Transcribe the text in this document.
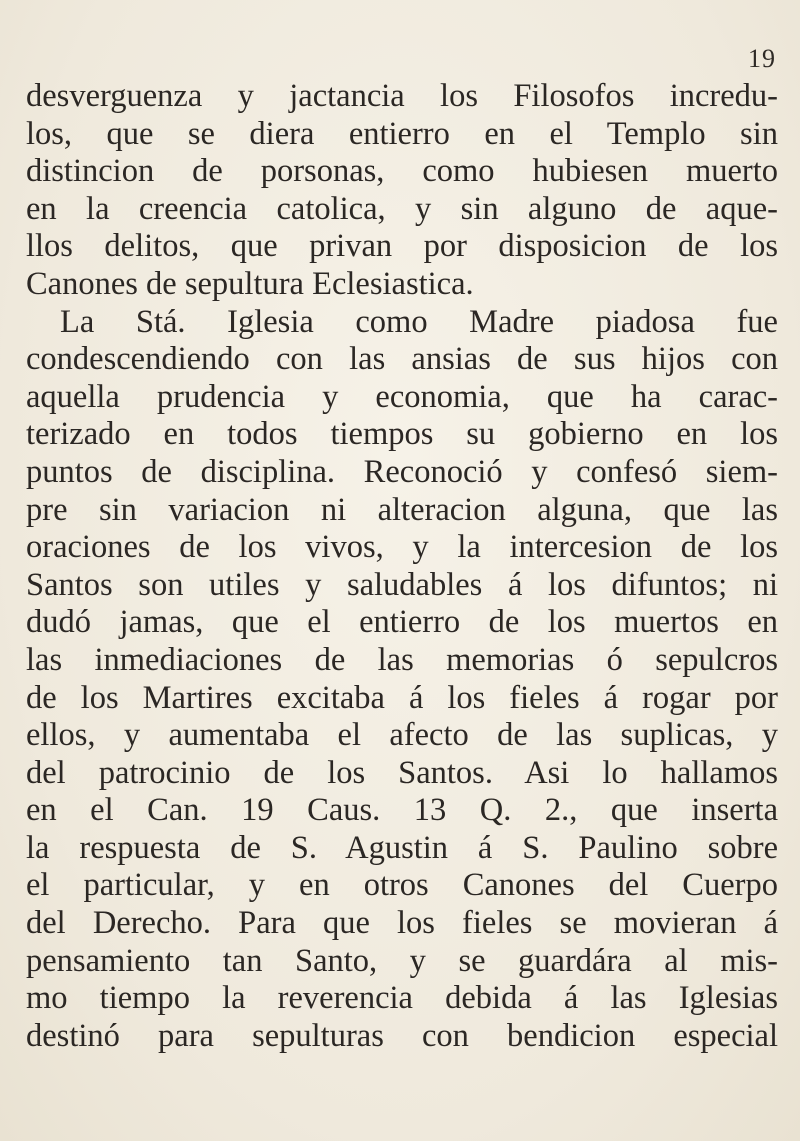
19
desverguenza y jactancia los Filosofos incredu-
los, que se diera entierro en el Templo sin
distincion de porsonas, como hubiesen muerto
en la creencia catolica, y sin alguno de aque-
llos delitos, que privan por disposicion de los
Canones de sepultura Eclesiastica.
La Stá. Iglesia como Madre piadosa fue
condescendiendo con las ansias de sus hijos con
aquella prudencia y economia, que ha carac-
terizado en todos tiempos su gobierno en los
puntos de disciplina. Reconoció y confesó siem-
pre sin variacion ni alteracion alguna, que las
oraciones de los vivos, y la intercesion de los
Santos son utiles y saludables á los difuntos; ni
dudó jamas, que el entierro de los muertos en
las inmediaciones de las memorias ó sepulcros
de los Martires excitaba á los fieles á rogar por
ellos, y aumentaba el afecto de las suplicas, y
del patrocinio de los Santos. Asi lo hallamos
en el Can. 19 Caus. 13 Q. 2., que inserta
la respuesta de S. Agustin á S. Paulino sobre
el particular, y en otros Canones del Cuerpo
del Derecho. Para que los fieles se movieran á
pensamiento tan Santo, y se guardára al mis-
mo tiempo la reverencia debida á las Iglesias
destinó para sepulturas con bendicion especial
